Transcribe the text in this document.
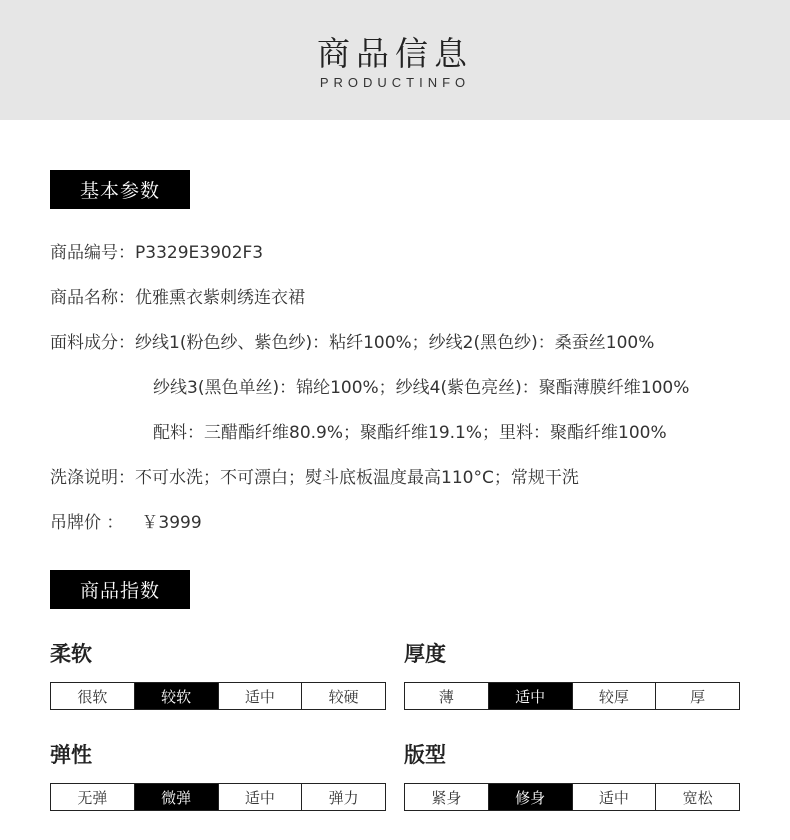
商品信息
PRODUCTINFO
基本参数
商品编号：P3329E3902F3
商品名称：优雅熏衣紫刺绣连衣裙
面料成分：纱线1(粉色纱、紫色纱)：粘纤100%；纱线2(黑色纱)：桑蚕丝100%
纱线3(黑色单丝)：锦纶100%；纱线4(紫色亮丝)：聚酯薄膜纤维100%
配料：三醋酯纤维80.9%；聚酯纤维19.1%；里料：聚酯纤维100%
洗涤说明：不可水洗；不可漂白；熨斗底板温度最高110°C；常规干洗
吊牌价 ： ￥3999
商品指数
柔软
很软	较软	适中	较硬
厚度
薄	适中	较厚	厚
弹性
无弹	微弹	适中	弹力
版型
紧身	修身	适中	宽松
